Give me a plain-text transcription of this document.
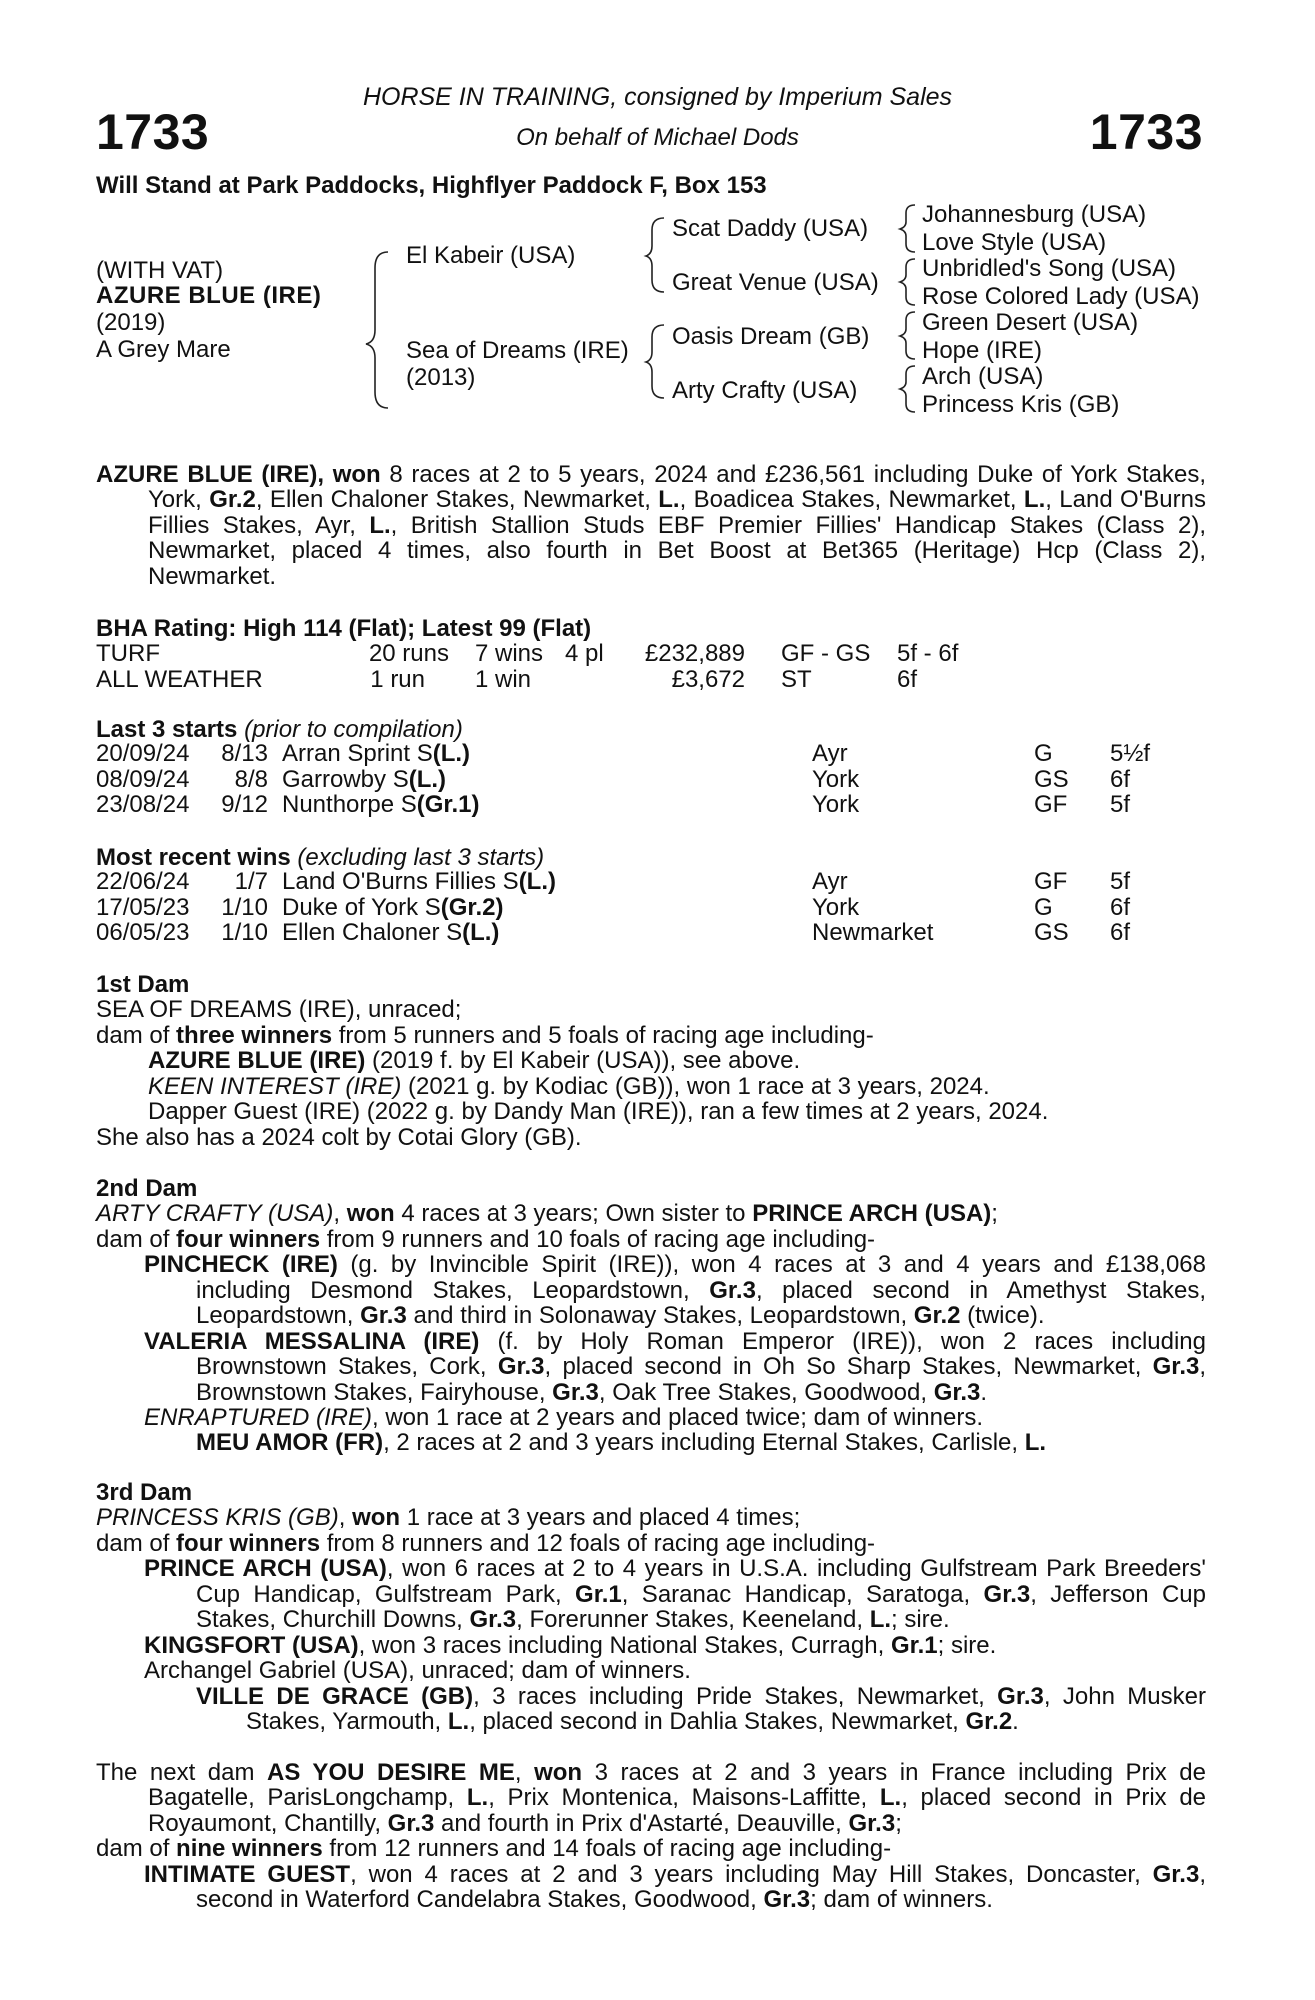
1733	1733
HORSE IN TRAINING, consigned by Imperium Sales
On behalf of Michael Dods
Will Stand at Park Paddocks, Highflyer Paddock F, Box 153
(WITH VAT)
AZURE BLUE (IRE)
(2019)
A Grey Mare
El Kabeir (USA)
Sea of Dreams (IRE)
(2013)
Scat Daddy (USA)
Great Venue (USA)
Oasis Dream (GB)
Arty Crafty (USA)
Johannesburg (USA)
Love Style (USA)
Unbridled's Song (USA)
Rose Colored Lady (USA)
Green Desert (USA)
Hope (IRE)
Arch (USA)
Princess Kris (GB)

AZURE BLUE (IRE), won 8 races at 2 to 5 years, 2024 and £236,561 including Duke of York Stakes, York, Gr.2, Ellen Chaloner Stakes, Newmarket, L., Boadicea Stakes, Newmarket, L., Land O'Burns Fillies Stakes, Ayr, L., British Stallion Studs EBF Premier Fillies' Handicap Stakes (Class 2), Newmarket, placed 4 times, also fourth in Bet Boost at Bet365 (Heritage) Hcp (Class 2), Newmarket.

BHA Rating: High 114 (Flat); Latest 99 (Flat)
TURF	20 runs 7 wins 4 pl	£232,889 GF - GS	5f - 6f
ALL WEATHER	1 run 1 win	£3,672 ST	6f
Last 3 starts (prior to compilation)
20/09/24	8/13 Arran Sprint S(L.)	Ayr	G	5½f
08/09/24	8/8 Garrowby S(L.)	York	GS	6f
23/08/24	9/12 Nunthorpe S(Gr.1)	York	GF	5f
Most recent wins (excluding last 3 starts)
22/06/24	1/7 Land O'Burns Fillies S(L.)	Ayr	GF	5f
17/05/23	1/10 Duke of York S(Gr.2)	York	G	6f
06/05/23	1/10 Ellen Chaloner S(L.)	Newmarket	GS	6f

1st Dam

SEA OF DREAMS (IRE), unraced;

dam of three winners from 5 runners and 5 foals of racing age including-

AZURE BLUE (IRE) (2019 f. by El Kabeir (USA)), see above.

KEEN INTEREST (IRE) (2021 g. by Kodiac (GB)), won 1 race at 3 years, 2024.

Dapper Guest (IRE) (2022 g. by Dandy Man (IRE)), ran a few times at 2 years, 2024.

She also has a 2024 colt by Cotai Glory (GB).

2nd Dam

ARTY CRAFTY (USA), won 4 races at 3 years; Own sister to PRINCE ARCH (USA);

dam of four winners from 9 runners and 10 foals of racing age including-

PINCHECK (IRE) (g. by Invincible Spirit (IRE)), won 4 races at 3 and 4 years and £138,068 including Desmond Stakes, Leopardstown, Gr.3, placed second in Amethyst Stakes, Leopardstown, Gr.3 and third in Solonaway Stakes, Leopardstown, Gr.2 (twice).

VALERIA MESSALINA (IRE) (f. by Holy Roman Emperor (IRE)), won 2 races including Brownstown Stakes, Cork, Gr.3, placed second in Oh So Sharp Stakes, Newmarket, Gr.3, Brownstown Stakes, Fairyhouse, Gr.3, Oak Tree Stakes, Goodwood, Gr.3.

ENRAPTURED (IRE), won 1 race at 2 years and placed twice; dam of winners.

MEU AMOR (FR), 2 races at 2 and 3 years including Eternal Stakes, Carlisle, L.

3rd Dam

PRINCESS KRIS (GB), won 1 race at 3 years and placed 4 times;

dam of four winners from 8 runners and 12 foals of racing age including-

PRINCE ARCH (USA), won 6 races at 2 to 4 years in U.S.A. including Gulfstream Park Breeders' Cup Handicap, Gulfstream Park, Gr.1, Saranac Handicap, Saratoga, Gr.3, Jefferson Cup Stakes, Churchill Downs, Gr.3, Forerunner Stakes, Keeneland, L.; sire.

KINGSFORT (USA), won 3 races including National Stakes, Curragh, Gr.1; sire.

Archangel Gabriel (USA), unraced; dam of winners.

VILLE DE GRACE (GB), 3 races including Pride Stakes, Newmarket, Gr.3, John Musker Stakes, Yarmouth, L., placed second in Dahlia Stakes, Newmarket, Gr.2.

The next dam AS YOU DESIRE ME, won 3 races at 2 and 3 years in France including Prix de Bagatelle, ParisLongchamp, L., Prix Montenica, Maisons-Laffitte, L., placed second in Prix de Royaumont, Chantilly, Gr.3 and fourth in Prix d'Astarté, Deauville, Gr.3;

dam of nine winners from 12 runners and 14 foals of racing age including-

INTIMATE GUEST, won 4 races at 2 and 3 years including May Hill Stakes, Doncaster, Gr.3, second in Waterford Candelabra Stakes, Goodwood, Gr.3; dam of winners.
